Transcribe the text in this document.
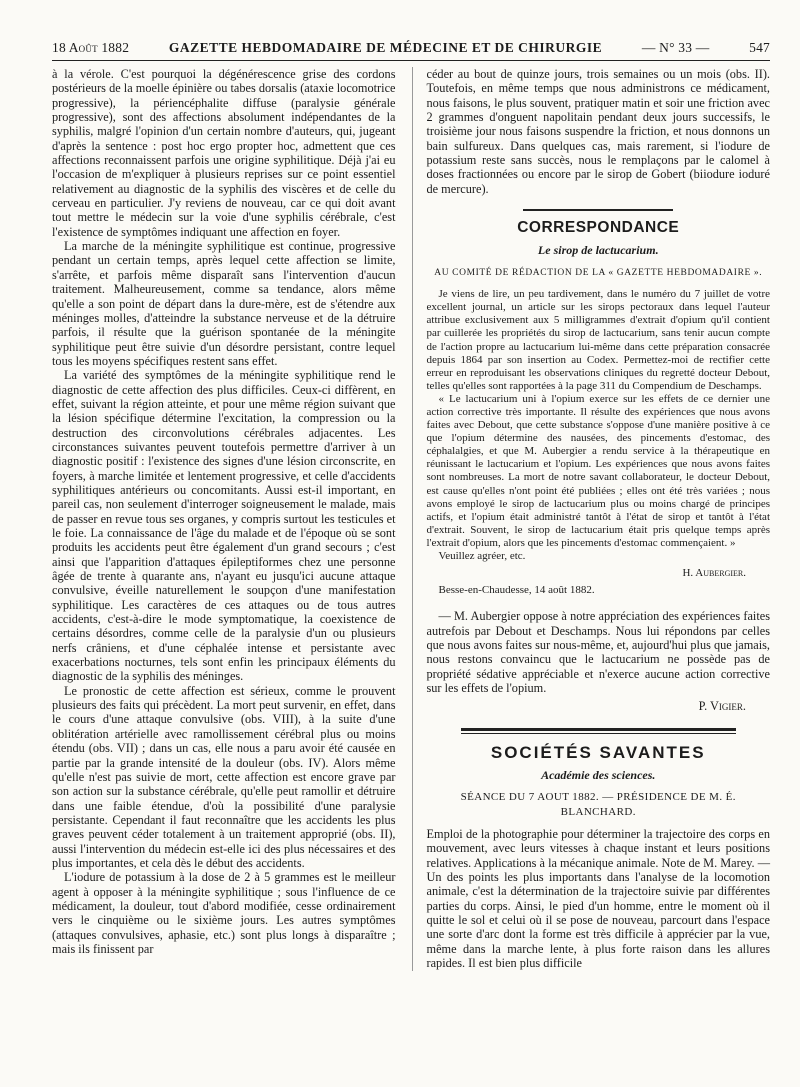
18 Août 1882	GAZETTE HEBDOMADAIRE DE MÉDECINE ET DE CHIRURGIE	— N° 33 —	547

à la vérole. C'est pourquoi la dégénérescence grise des cordons postérieurs de la moelle épinière ou tabes dorsalis (ataxie locomotrice progressive), la périencéphalite diffuse (paralysie générale progressive), sont des affections absolument indépendantes de la syphilis, malgré l'opinion d'un certain nombre d'auteurs, qui, jugeant d'après la sentence : post hoc ergo propter hoc, admettent que ces affections reconnaissent parfois une origine syphilitique. Déjà j'ai eu l'occasion de m'expliquer à plusieurs reprises sur ce point essentiel relativement au diagnostic de la syphilis des viscères et de celle du cerveau en particulier. J'y reviens de nouveau, car ce qui doit avant tout mettre le médecin sur la voie d'une syphilis cérébrale, c'est l'existence de symptômes indiquant une affection en foyer.

La marche de la méningite syphilitique est continue, progressive pendant un certain temps, après lequel cette affection se limite, s'arrête, et parfois même disparaît sans l'intervention d'aucun traitement. Malheureusement, comme sa tendance, alors même qu'elle a son point de départ dans la dure-mère, est de s'étendre aux méninges molles, d'atteindre la substance nerveuse et de la détruire parfois, il résulte que la guérison spontanée de la méningite syphilitique peut être suivie d'un désordre persistant, contre lequel tous les moyens spécifiques restent sans effet.

La variété des symptômes de la méningite syphilitique rend le diagnostic de cette affection des plus difficiles. Ceux-ci diffèrent, en effet, suivant la région atteinte, et pour une même région suivant que la lésion spécifique détermine l'excitation, la compression ou la destruction des circonvolutions cérébrales adjacentes. Les circonstances suivantes peuvent toutefois permettre d'arriver à un diagnostic positif : l'existence des signes d'une lésion circonscrite, en foyers, à marche limitée et lentement progressive, et celle d'accidents syphilitiques antérieurs ou concomitants. Aussi est-il important, en pareil cas, non seulement d'interroger soigneusement le malade, mais de passer en revue tous ses organes, y compris surtout les testicules et le foie. La connaissance de l'âge du malade et de l'époque où se sont produits les accidents peut être également d'un grand secours ; c'est ainsi que l'apparition d'attaques épileptiformes chez une personne âgée de trente à quarante ans, n'ayant eu jusqu'ici aucune attaque convulsive, éveille naturellement le soupçon d'une manifestation syphilitique. Les caractères de ces attaques ou de tous autres accidents, c'est-à-dire le mode symptomatique, la coexistence de certains désordres, comme celle de la paralysie d'un ou plusieurs nerfs crâniens, et d'une céphalée intense et persistante avec exacerbations nocturnes, tels sont enfin les principaux éléments du diagnostic de la syphilis des méninges.

Le pronostic de cette affection est sérieux, comme le prouvent plusieurs des faits qui précèdent. La mort peut survenir, en effet, dans le cours d'une attaque convulsive (obs. VIII), à la suite d'une oblitération artérielle avec ramollissement cérébral plus ou moins étendu (obs. VII) ; dans un cas, elle nous a paru avoir été causée en partie par la grande intensité de la douleur (obs. IV). Alors même qu'elle n'est pas suivie de mort, cette affection est encore grave par son action sur la substance cérébrale, qu'elle peut ramollir et détruire dans une faible étendue, d'où la possibilité d'une paralysie persistante. Cependant il faut reconnaître que les accidents les plus graves peuvent céder totalement à un traitement approprié (obs. II), aussi l'intervention du médecin est-elle ici des plus nécessaires et des plus importantes, et cela dès le début des accidents.

L'iodure de potassium à la dose de 2 à 5 grammes est le meilleur agent à opposer à la méningite syphilitique ; sous l'influence de ce médicament, la douleur, tout d'abord modifiée, cesse ordinairement vers le cinquième ou le sixième jours. Les autres symptômes (attaques convulsives, aphasie, etc.) sont plus longs à disparaître ; mais ils finissent par

céder au bout de quinze jours, trois semaines ou un mois (obs. II). Toutefois, en même temps que nous administrons ce médicament, nous faisons, le plus souvent, pratiquer matin et soir une friction avec 2 grammes d'onguent napolitain pendant deux jours successifs, le troisième jour nous faisons suspendre la friction, et nous donnons un bain sulfureux. Dans quelques cas, mais rarement, si l'iodure de potassium reste sans succès, nous le remplaçons par le calomel à doses fractionnées ou encore par le sirop de Gobert (biiodure ioduré de mercure).

CORRESPONDANCE
Le sirop de lactucarium.
AU COMITÉ DE RÉDACTION DE LA « GAZETTE HEBDOMADAIRE ».

Je viens de lire, un peu tardivement, dans le numéro du 7 juillet de votre excellent journal, un article sur les sirops pectoraux dans lequel l'auteur attribue exclusivement aux 5 milligrammes d'extrait d'opium qu'il contient par cuillerée les propriétés du sirop de lactucarium, sans tenir aucun compte de l'action propre au lactucarium lui-même dans cette préparation consacrée depuis 1864 par son insertion au Codex. Permettez-moi de rectifier cette erreur en reproduisant les observations cliniques du regretté docteur Debout, telles qu'elles sont rapportées à la page 311 du Compendium de Deschamps.

« Le lactucarium uni à l'opium exerce sur les effets de ce dernier une action corrective très importante. Il résulte des expériences que nous avons faites avec Debout, que cette substance s'oppose d'une manière positive à ce que l'opium détermine des nausées, des pincements d'estomac, des céphalalgies, et que M. Aubergier a rendu service à la thérapeutique en réunissant le lactucarium et l'opium. Les expériences que nous avons faites sont nombreuses. La mort de notre savant collaborateur, le docteur Debout, est cause qu'elles n'ont point été publiées ; elles ont été très variées ; nous avons employé le sirop de lactucarium plus ou moins chargé de principes actifs, et l'opium était administré tantôt à l'état de sirop et tantôt à l'état d'extrait. Souvent, le sirop de lactucarium était pris quelque temps après l'extrait d'opium, alors que les pincements d'estomac commençaient. »

Veuillez agréer, etc.

H. Aubergier.

Besse-en-Chaudesse, 14 août 1882.

— M. Aubergier oppose à notre appréciation des expériences faites autrefois par Debout et Deschamps. Nous lui répondons par celles que nous avons faites sur nous-même, et, aujourd'hui plus que jamais, nous restons convaincu que le lactucarium ne possède pas de propriété sédative appréciable et n'exerce aucune action corrective sur les effets de l'opium.

P. Vigier.
SOCIÉTÉS SAVANTES
Académie des sciences.
SÉANCE DU 7 AOUT 1882. — PRÉSIDENCE DE M. É. BLANCHARD.

Emploi de la photographie pour déterminer la trajectoire des corps en mouvement, avec leurs vitesses à chaque instant et leurs positions relatives. Applications à la mécanique animale. Note de M. Marey. — Un des points les plus importants dans l'analyse de la locomotion animale, c'est la détermination de la trajectoire suivie par différentes parties du corps. Ainsi, le pied d'un homme, entre le moment où il quitte le sol et celui où il se pose de nouveau, parcourt dans l'espace une sorte d'arc dont la forme est très difficile à apprécier par la vue, même dans la marche lente, à plus forte raison dans les allures rapides. Il est bien plus difficile
